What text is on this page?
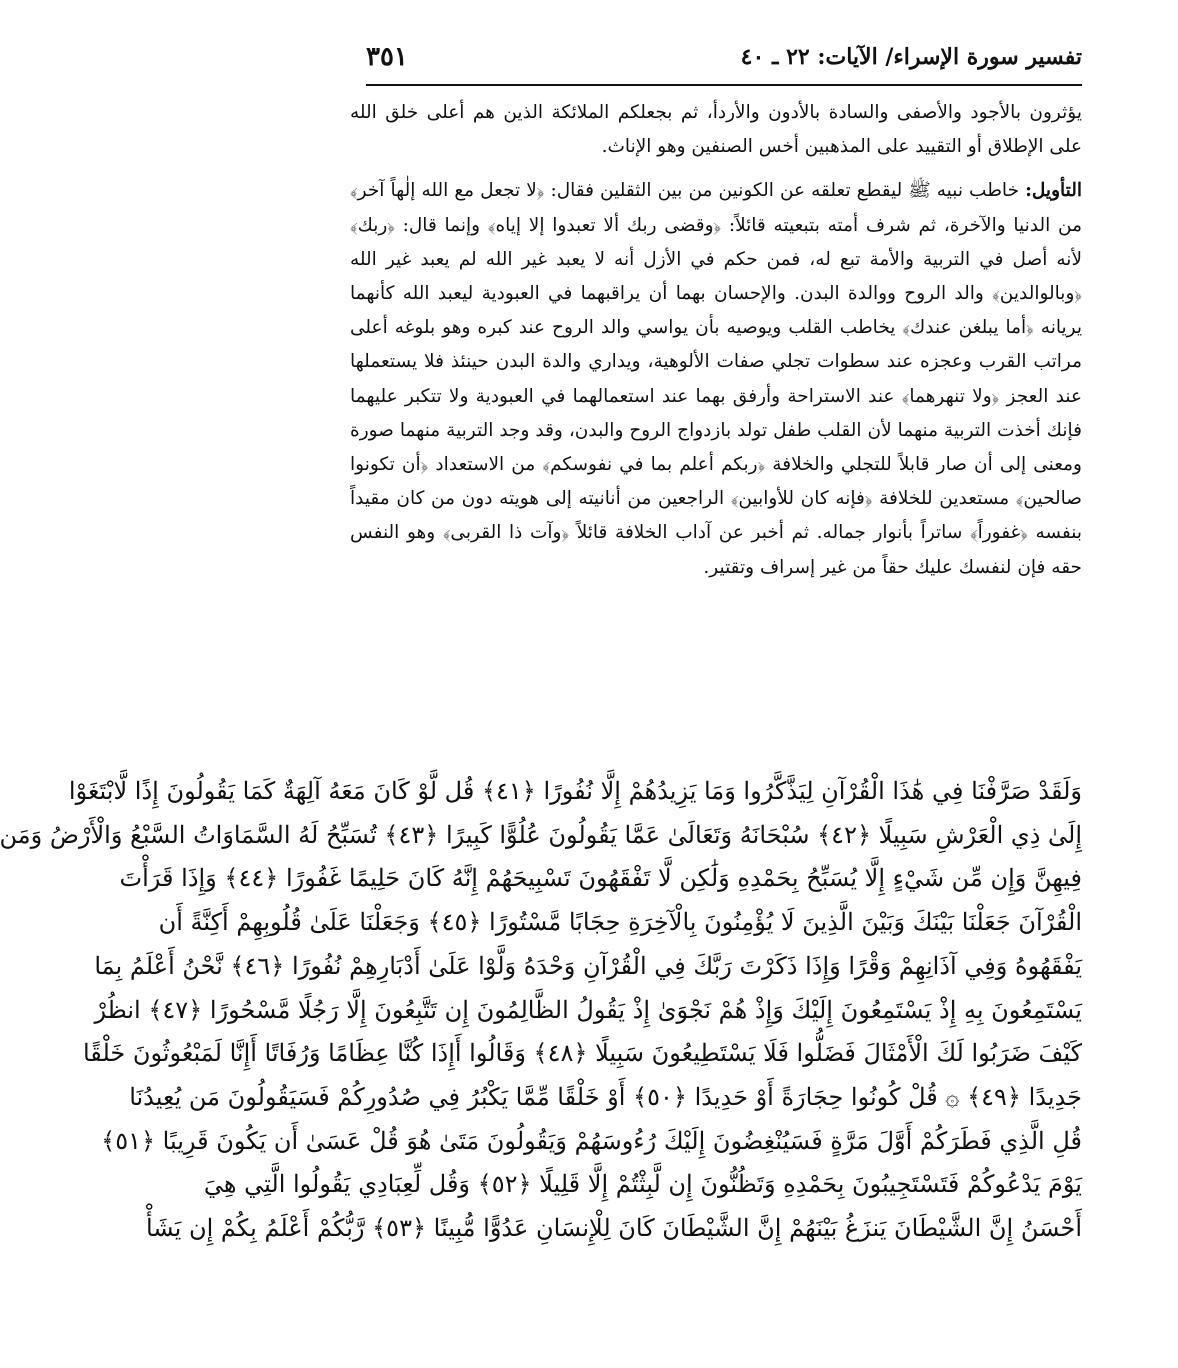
تفسير سورة الإسراء/ الآيات: ٢٢ ـ ٤٠
٣٥١

يؤثرون بالأجود والأصفى والسادة بالأدون والأردأ، ثم بجعلكم الملائكة الذين هم أعلى خلق الله على الإطلاق أو التقييد على المذهبين أخس الصنفين وهو الإناث.

التأويل: خاطب نبيه ﷺ ليقطع تعلقه عن الكونين من بين الثقلين فقال: ﴿لا تجعل مع الله إلٰهاً آخر﴾ من الدنيا والآخرة، ثم شرف أمته بتبعيته قائلاً: ﴿وقضى ربك ألا تعبدوا إلا إياه﴾ وإنما قال: ﴿ربك﴾ لأنه أصل في التربية والأمة تبع له، فمن حكم في الأزل أنه لا يعبد غير الله لم يعبد غير الله ﴿وبالوالدين﴾ والد الروح ووالدة البدن. والإحسان بهما أن يراقبهما في العبودية ليعبد الله كأنهما يريانه ﴿أما يبلغن عندك﴾ يخاطب القلب ويوصيه بأن يواسي والد الروح عند كبره وهو بلوغه أعلى مراتب القرب وعجزه عند سطوات تجلي صفات الألوهية، ويداري والدة البدن حينئذ فلا يستعملها عند العجز ﴿ولا تنهرهما﴾ عند الاستراحة وأرفق بهما عند استعمالهما في العبودية ولا تتكبر عليهما فإنك أخذت التربية منهما لأن القلب طفل تولد بازدواج الروح والبدن، وقد وجد التربية منهما صورة ومعنى إلى أن صار قابلاً للتجلي والخلافة ﴿ربكم أعلم بما في نفوسكم﴾ من الاستعداد ﴿أن تكونوا صالحين﴾ مستعدين للخلافة ﴿فإنه كان للأوابين﴾ الراجعين من أنانيته إلى هويته دون من كان مقيداً بنفسه ﴿غفوراً﴾ ساتراً بأنوار جماله. ثم أخبر عن آداب الخلافة قائلاً ﴿وآت ذا القربى﴾ وهو النفس حقه فإن لنفسك عليك حقاً من غير إسراف وتقتير.

وَلَقَدْ صَرَّفْنَا فِي هَٰذَا الْقُرْآنِ لِيَذَّكَّرُوا وَمَا يَزِيدُهُمْ إِلَّا نُفُورًا ﴿٤١﴾ قُل لَّوْ كَانَ مَعَهُ آلِهَةٌ كَمَا يَقُولُونَ إِذًا لَّابْتَغَوْا
إِلَىٰ ذِي الْعَرْشِ سَبِيلًا ﴿٤٢﴾ سُبْحَانَهُ وَتَعَالَىٰ عَمَّا يَقُولُونَ عُلُوًّا كَبِيرًا ﴿٤٣﴾ تُسَبِّحُ لَهُ السَّمَاوَاتُ السَّبْعُ وَالْأَرْضُ وَمَن
فِيهِنَّ وَإِن مِّن شَيْءٍ إِلَّا يُسَبِّحُ بِحَمْدِهِ وَلَٰكِن لَّا تَفْقَهُونَ تَسْبِيحَهُمْ إِنَّهُ كَانَ حَلِيمًا غَفُورًا ﴿٤٤﴾ وَإِذَا قَرَأْتَ
الْقُرْآنَ جَعَلْنَا بَيْنَكَ وَبَيْنَ الَّذِينَ لَا يُؤْمِنُونَ بِالْآخِرَةِ حِجَابًا مَّسْتُورًا ﴿٤٥﴾ وَجَعَلْنَا عَلَىٰ قُلُوبِهِمْ أَكِنَّةً أَن
يَفْقَهُوهُ وَفِي آذَانِهِمْ وَقْرًا وَإِذَا ذَكَرْتَ رَبَّكَ فِي الْقُرْآنِ وَحْدَهُ وَلَّوْا عَلَىٰ أَدْبَارِهِمْ نُفُورًا ﴿٤٦﴾ نَّحْنُ أَعْلَمُ بِمَا
يَسْتَمِعُونَ بِهِ إِذْ يَسْتَمِعُونَ إِلَيْكَ وَإِذْ هُمْ نَجْوَىٰ إِذْ يَقُولُ الظَّالِمُونَ إِن تَتَّبِعُونَ إِلَّا رَجُلًا مَّسْحُورًا ﴿٤٧﴾ انظُرْ
كَيْفَ ضَرَبُوا لَكَ الْأَمْثَالَ فَضَلُّوا فَلَا يَسْتَطِيعُونَ سَبِيلًا ﴿٤٨﴾ وَقَالُوا أَإِذَا كُنَّا عِظَامًا وَرُفَاتًا أَإِنَّا لَمَبْعُوثُونَ خَلْقًا
جَدِيدًا ﴿٤٩﴾ ۞ قُلْ كُونُوا حِجَارَةً أَوْ حَدِيدًا ﴿٥٠﴾ أَوْ خَلْقًا مِّمَّا يَكْبُرُ فِي صُدُورِكُمْ فَسَيَقُولُونَ مَن يُعِيدُنَا
قُلِ الَّذِي فَطَرَكُمْ أَوَّلَ مَرَّةٍ فَسَيُنْغِضُونَ إِلَيْكَ رُءُوسَهُمْ وَيَقُولُونَ مَتَىٰ هُوَ قُلْ عَسَىٰ أَن يَكُونَ قَرِيبًا ﴿٥١﴾
يَوْمَ يَدْعُوكُمْ فَتَسْتَجِيبُونَ بِحَمْدِهِ وَتَظُنُّونَ إِن لَّبِثْتُمْ إِلَّا قَلِيلًا ﴿٥٢﴾ وَقُل لِّعِبَادِي يَقُولُوا الَّتِي هِيَ
أَحْسَنُ إِنَّ الشَّيْطَانَ يَنزَغُ بَيْنَهُمْ إِنَّ الشَّيْطَانَ كَانَ لِلْإِنسَانِ عَدُوًّا مُّبِينًا ﴿٥٣﴾ رَّبُّكُمْ أَعْلَمُ بِكُمْ إِن يَشَأْ
